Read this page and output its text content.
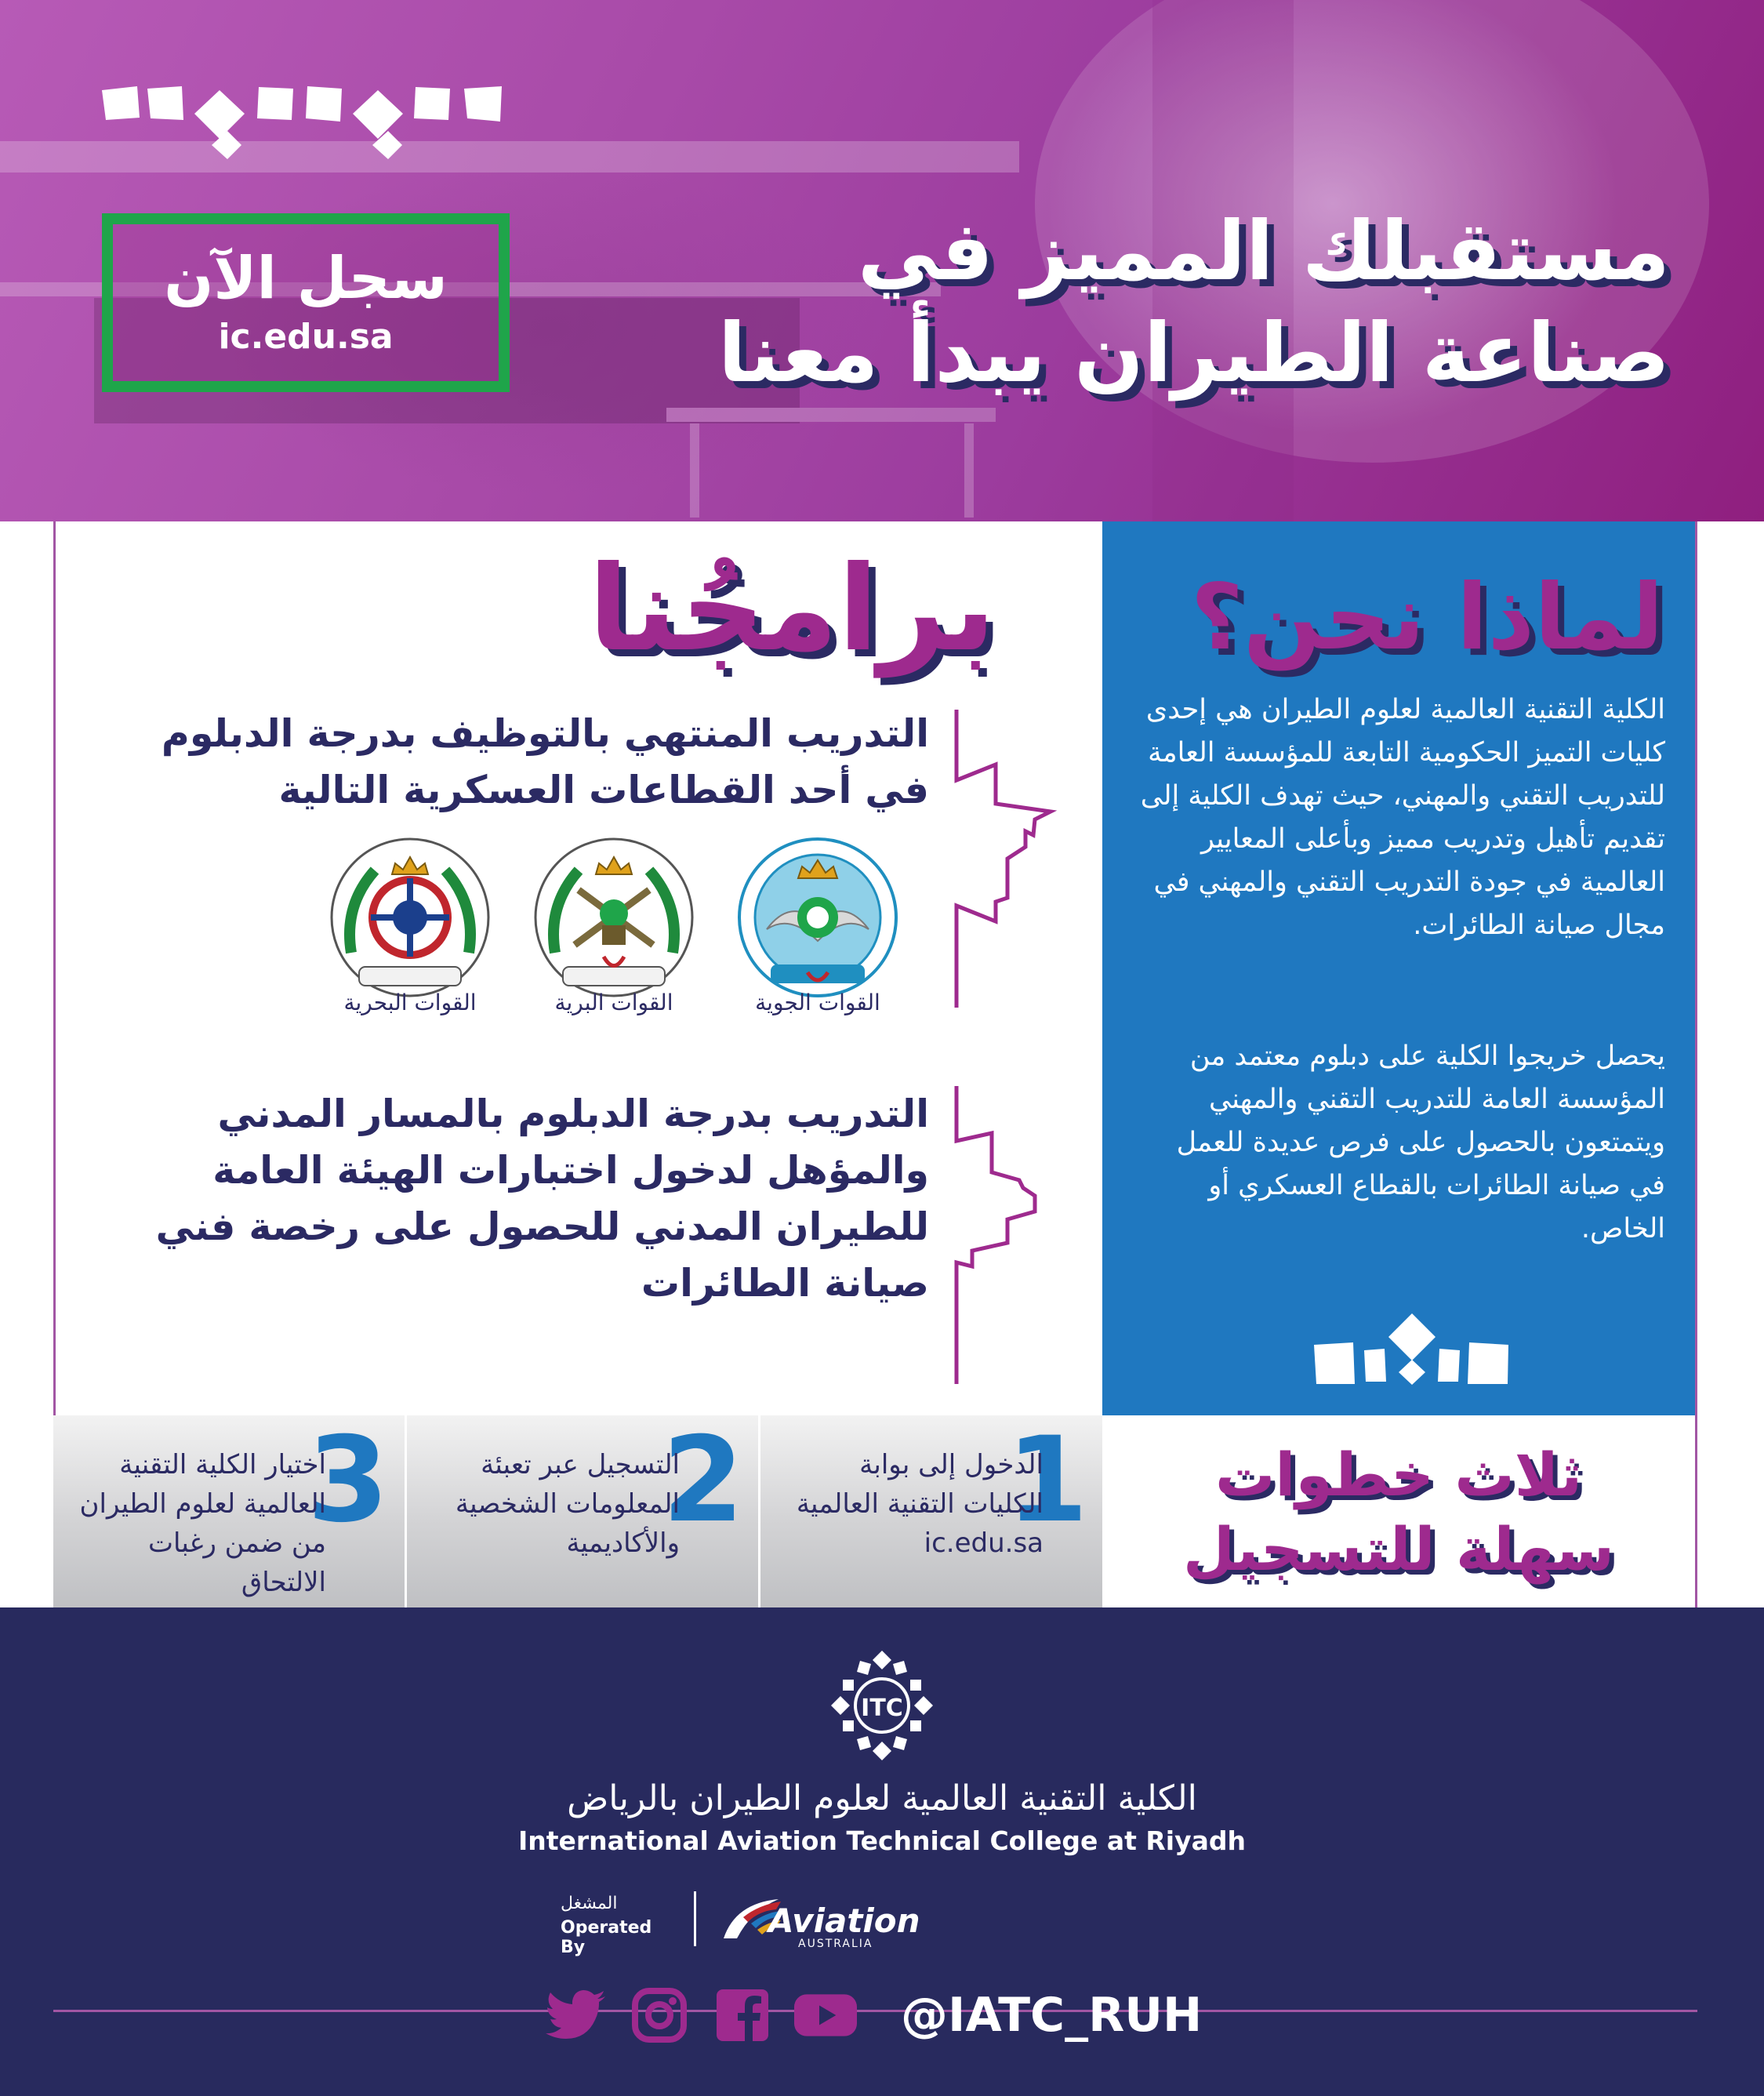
سجل الآن
ic.edu.sa
مستقبلك المميز في
صناعة الطيران يبدأ معنا
لماذا نحن؟

الكلية التقنية العالمية لعلوم الطيران هي إحدى كليات التميز الحكومية التابعة للمؤسسة العامة للتدريب التقني والمهني، حيث تهدف الكلية إلى تقديم تأهيل وتدريب مميز وبأعلى المعايير العالمية في جودة التدريب التقني والمهني في مجال صيانة الطائرات.

يحصل خريجوا الكلية على دبلوم معتمد من المؤسسة العامة للتدريب التقني والمهني ويتمتعون بالحصول على فرص عديدة للعمل في صيانة الطائرات بالقطاع العسكري أو الخاص.

برامجُنا
التدريب المنتهي بالتوظيف بدرجة الدبلوم في أحد القطاعات العسكرية التالية
القوات الجوية
القوات البرية
القوات البحرية
التدريب بدرجة الدبلوم بالمسار المدني والمؤهل لدخول اختبارات الهيئة العامة للطيران المدني للحصول على رخصة فني صيانة الطائرات
ثلاث خطوات
سهلة للتسجيل
1
الدخول إلى بوابة
الكليات التقنية العالمية
ic.edu.sa
2
التسجيل عبر تعبئة
المعلومات الشخصية
والأكاديمية
3
اختيار الكلية التقنية
العالمية لعلوم الطيران
من ضمن رغبات
الالتحاق
ITC
الكلية التقنية العالمية لعلوم الطيران بالرياض
International Aviation Technical College at Riyadh
المشغل
Operated By
Aviation
AUSTRALIA
@IATC_RUH
